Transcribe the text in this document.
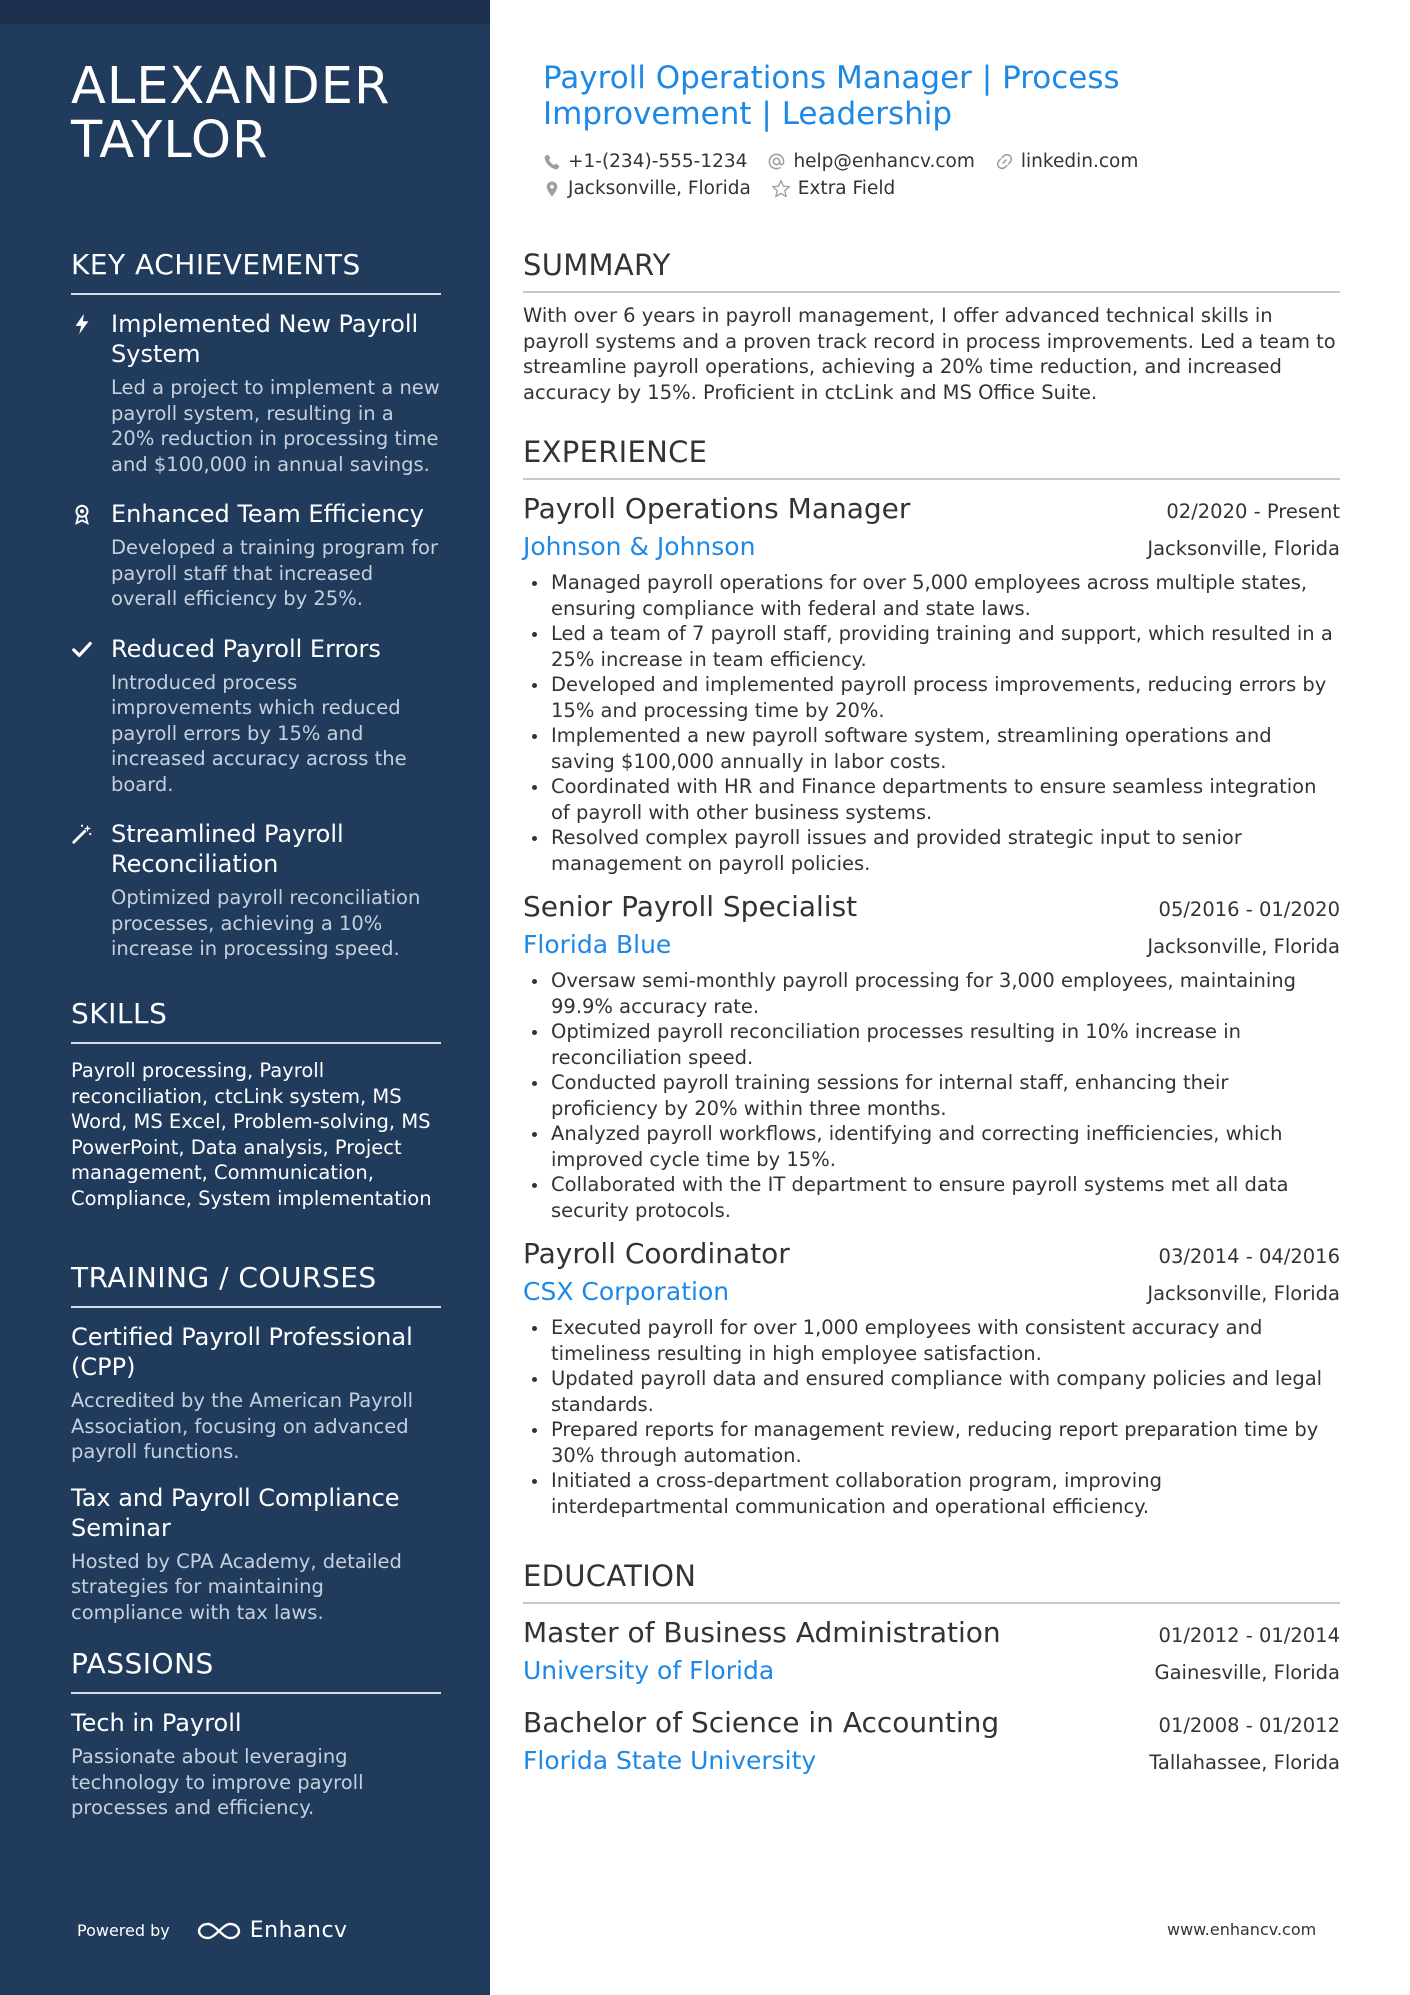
ALEXANDER TAYLOR
KEY ACHIEVEMENTS
Implemented New Payroll System
Led a project to implement a new payroll system, resulting in a 20% reduction in processing time and $100,000 in annual savings.
Enhanced Team Efficiency
Developed a training program for payroll staff that increased overall efficiency by 25%.
Reduced Payroll Errors
Introduced process improvements which reduced payroll errors by 15% and increased accuracy across the board.
Streamlined Payroll Reconciliation
Optimized payroll reconciliation processes, achieving a 10% increase in processing speed.
SKILLS
Payroll processing, Payroll reconciliation, ctcLink system, MS Word, MS Excel, Problem-solving, MS PowerPoint, Data analysis, Project management, Communication, Compliance, System implementation
TRAINING / COURSES
Certified Payroll Professional (CPP)
Accredited by the American Payroll Association, focusing on advanced payroll functions.
Tax and Payroll Compliance Seminar
Hosted by CPA Academy, detailed strategies for maintaining compliance with tax laws.
PASSIONS
Tech in Payroll
Passionate about leveraging technology to improve payroll processes and efficiency.
Powered by	Enhancv
Payroll Operations Manager | Process Improvement | Leadership
+1-(234)-555-1234 help@enhancv.com linkedin.com
Jacksonville, Florida	Extra Field
SUMMARY
With over 6 years in payroll management, I offer advanced technical skills in payroll systems and a proven track record in process improvements. Led a team to streamline payroll operations, achieving a 20% time reduction, and increased accuracy by 15%. Proficient in ctcLink and MS Office Suite.
EXPERIENCE
Payroll Operations Manager	02/2020 - Present
Johnson & Johnson	Jacksonville, Florida
Managed payroll operations for over 5,000 employees across multiple states, ensuring compliance with federal and state laws.
Led a team of 7 payroll staff, providing training and support, which resulted in a 25% increase in team efficiency.
Developed and implemented payroll process improvements, reducing errors by 15% and processing time by 20%.
Implemented a new payroll software system, streamlining operations and saving $100,000 annually in labor costs.
Coordinated with HR and Finance departments to ensure seamless integration of payroll with other business systems.
Resolved complex payroll issues and provided strategic input to senior management on payroll policies.
Senior Payroll Specialist	05/2016 - 01/2020
Florida Blue	Jacksonville, Florida
Oversaw semi-monthly payroll processing for 3,000 employees, maintaining 99.9% accuracy rate.
Optimized payroll reconciliation processes resulting in 10% increase in reconciliation speed.
Conducted payroll training sessions for internal staff, enhancing their proficiency by 20% within three months.
Analyzed payroll workflows, identifying and correcting inefficiencies, which improved cycle time by 15%.
Collaborated with the IT department to ensure payroll systems met all data security protocols.
Payroll Coordinator	03/2014 - 04/2016
CSX Corporation	Jacksonville, Florida
Executed payroll for over 1,000 employees with consistent accuracy and timeliness resulting in high employee satisfaction.
Updated payroll data and ensured compliance with company policies and legal standards.
Prepared reports for management review, reducing report preparation time by 30% through automation.
Initiated a cross-department collaboration program, improving interdepartmental communication and operational efficiency.
EDUCATION
Master of Business Administration	01/2012 - 01/2014
University of Florida	Gainesville, Florida
Bachelor of Science in Accounting	01/2008 - 01/2012
Florida State University	Tallahassee, Florida
www.enhancv.com
